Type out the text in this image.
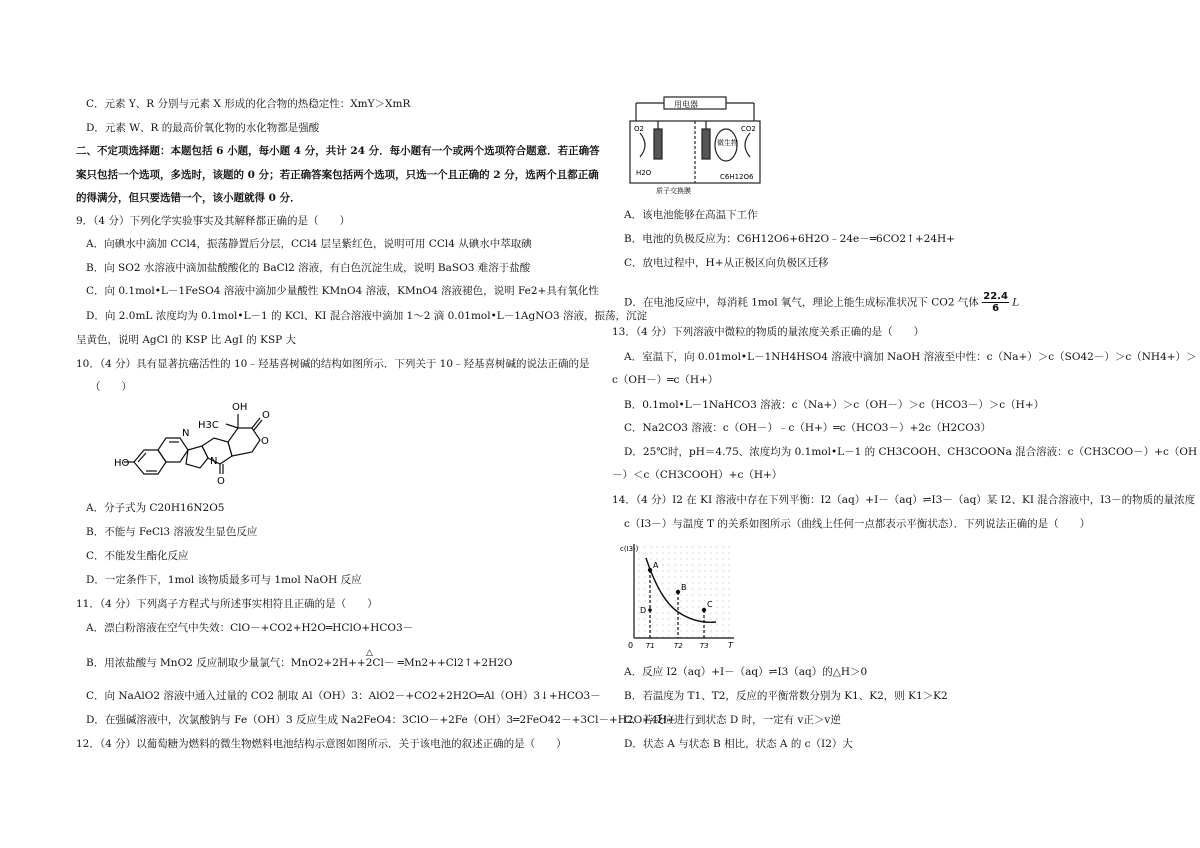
C．元素 Y、R 分别与元素 X 形成的化合物的热稳定性：XmY＞XmR
D．元素 W、R 的最高价氧化物的水化物都是强酸
二、不定项选择题：本题包括 6 小题，每小题 4 分，共计 24 分．每小题有一个或两个选项符合题意．若正确答
案只包括一个选项，多选时，该题的 0 分；若正确答案包括两个选项，只选一个且正确的 2 分，选两个且都正确
的得满分，但只要选错一个，该小题就得 0 分．
9．（4 分）下列化学实验事实及其解释都正确的是（　　）
A．向碘水中滴加 CCl4，振荡静置后分层，CCl4 层呈紫红色，说明可用 CCl4 从碘水中萃取碘
B．向 SO2 水溶液中滴加盐酸酸化的 BaCl2 溶液，有白色沉淀生成，说明 BaSO3 难溶于盐酸
C．向 0.1mol•L－1FeSO4 溶液中滴加少量酸性 KMnO4 溶液，KMnO4 溶液褪色，说明 Fe2+具有氧化性
D．向 2.0mL 浓度均为 0.1mol•L－1 的 KCl、KI 混合溶液中滴加 1～2 滴 0.01mol•L－1AgNO3 溶液，振荡，沉淀
呈黄色，说明 AgCl 的 KSP 比 AgI 的 KSP 大
10．（4 分）具有显著抗癌活性的 10﹣羟基喜树碱的结构如图所示．下列关于 10﹣羟基喜树碱的说法正确的是
（　　）
OH
H3C
O
O
O
N
N
HO
A．分子式为 C20H16N2O5
B．不能与 FeCl3 溶液发生显色反应
C．不能发生酯化反应
D．一定条件下，1mol 该物质最多可与 1mol NaOH 反应
11．（4 分）下列离子方程式与所述事实相符且正确的是（　　）
A．漂白粉溶液在空气中失效：ClO－+CO2+H2O═HClO+HCO3－
B．用浓盐酸与 MnO2 反应制取少量氯气：MnO2+2H++2Cl－ ═Mn2++Cl2↑+2H2O
△
C．向 NaAlO2 溶液中通入过量的 CO2 制取 Al（OH）3：AlO2－+CO2+2H2O═Al（OH）3↓+HCO3－
D．在强碱溶液中，次氯酸钠与 Fe（OH）3 反应生成 Na2FeO4：3ClO－+2Fe（OH）3═2FeO42－+3Cl－+H2O+4H+
12．（4 分）以葡萄糖为燃料的微生物燃料电池结构示意图如图所示．关于该电池的叙述正确的是（　　）
用电器
O2	CO2
微生物
H2O	C6H12O6
质子交换膜
A．该电池能够在高温下工作
B．电池的负极反应为：C6H12O6+6H2O﹣24e－═6CO2↑+24H+
C．放电过程中，H+从正极区向负极区迁移
D．在电池反应中，每消耗 1mol 氧气，理论上能生成标准状况下 CO2 气体 $\frac{22.4}{6}$ L
13．（4 分）下列溶液中微粒的物质的量浓度关系正确的是（　　）
A．室温下，向 0.01mol•L－1NH4HSO4 溶液中滴加 NaOH 溶液至中性：c（Na+）＞c（SO42－）＞c（NH4+）＞
c（OH－）═c（H+）
B．0.1mol•L－1NaHCO3 溶液：c（Na+）＞c（OH－）＞c（HCO3－）＞c（H+）
C．Na2CO3 溶液：c（OH－）﹣c（H+）═c（HCO3－）+2c（H2CO3）
D．25℃时，pH＝4.75、浓度均为 0.1mol•L－1 的 CH3COOH、CH3COONa 混合溶液：c（CH3COO－）+c（OH
－）＜c（CH3COOH）+c（H+）
14．（4 分）I2 在 KI 溶液中存在下列平衡：I2（aq）+I－（aq）⇌I3－（aq）某 I2、KI 混合溶液中，I3－的物质的量浓度
c（I3－）与温度 T 的关系如图所示（曲线上任何一点都表示平衡状态）．下列说法正确的是（　　）
c(I3-)
0	T
T1	T2 T3
A
B
C
D
A．反应 I2（aq）+I－（aq）⇌I3（aq）的△H＞0
B．若温度为 T1、T2，反应的平衡常数分别为 K1、K2，则 K1＞K2
C．若反应进行到状态 D 时，一定有 v正＞v逆
D．状态 A 与状态 B 相比，状态 A 的 c（I2）大
